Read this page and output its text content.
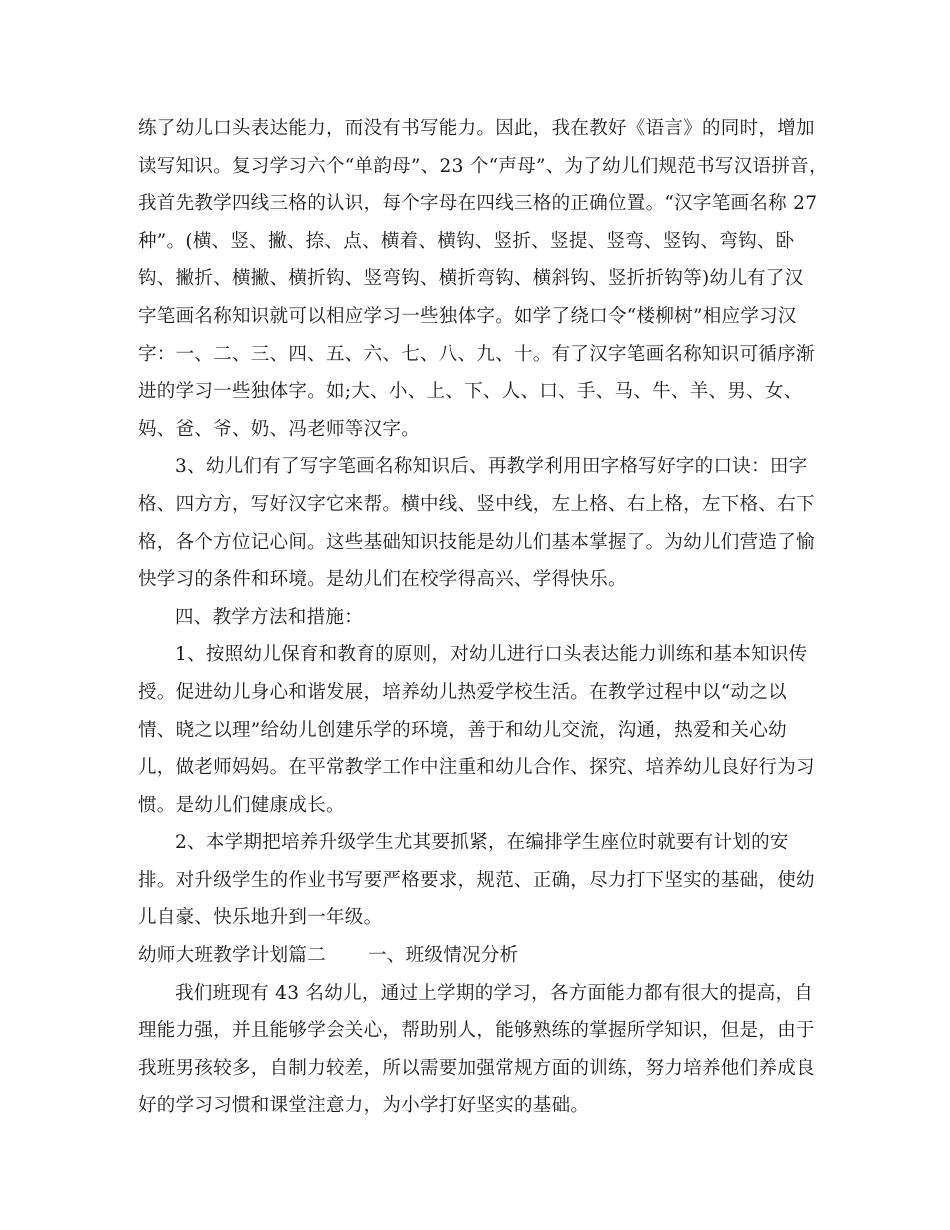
练了幼儿口头表达能力，而没有书写能力。因此，我在教好《语言》的同时，增加
读写知识。复习学习六个“单韵母”、23 个“声母”、为了幼儿们规范书写汉语拼音，
我首先教学四线三格的认识，每个字母在四线三格的正确位置。“汉字笔画名称 27
种”。(横、竖、撇、捺、点、横着、横钩、竖折、竖提、竖弯、竖钩、弯钩、卧
钩、撇折、横撇、横折钩、竖弯钩、横折弯钩、横斜钩、竖折折钩等)幼儿有了汉
字笔画名称知识就可以相应学习一些独体字。如学了绕口令“楼柳树”相应学习汉
字：一、二、三、四、五、六、七、八、九、十。有了汉字笔画名称知识可循序渐
进的学习一些独体字。如;大、小、上、下、人、口、手、马、牛、羊、男、女、
妈、爸、爷、奶、冯老师等汉字。
3、幼儿们有了写字笔画名称知识后、再教学利用田字格写好字的口诀：田字
格、四方方，写好汉字它来帮。横中线、竖中线，左上格、右上格，左下格、右下
格，各个方位记心间。这些基础知识技能是幼儿们基本掌握了。为幼儿们营造了愉
快学习的条件和环境。是幼儿们在校学得高兴、学得快乐。
四、教学方法和措施：
1、按照幼儿保育和教育的原则，对幼儿进行口头表达能力训练和基本知识传
授。促进幼儿身心和谐发展，培养幼儿热爱学校生活。在教学过程中以“动之以
情、晓之以理”给幼儿创建乐学的环境，善于和幼儿交流，沟通，热爱和关心幼
儿，做老师妈妈。在平常教学工作中注重和幼儿合作、探究、培养幼儿良好行为习
惯。是幼儿们健康成长。
2、本学期把培养升级学生尤其要抓紧，在编排学生座位时就要有计划的安
排。对升级学生的作业书写要严格要求，规范、正确，尽力打下坚实的基础，使幼
儿自豪、快乐地升到一年级。
幼师大班教学计划篇二 一、班级情况分析
我们班现有 43 名幼儿，通过上学期的学习，各方面能力都有很大的提高，自
理能力强，并且能够学会关心，帮助别人，能够熟练的掌握所学知识，但是，由于
我班男孩较多，自制力较差，所以需要加强常规方面的训练，努力培养他们养成良
好的学习习惯和课堂注意力，为小学打好坚实的基础。
